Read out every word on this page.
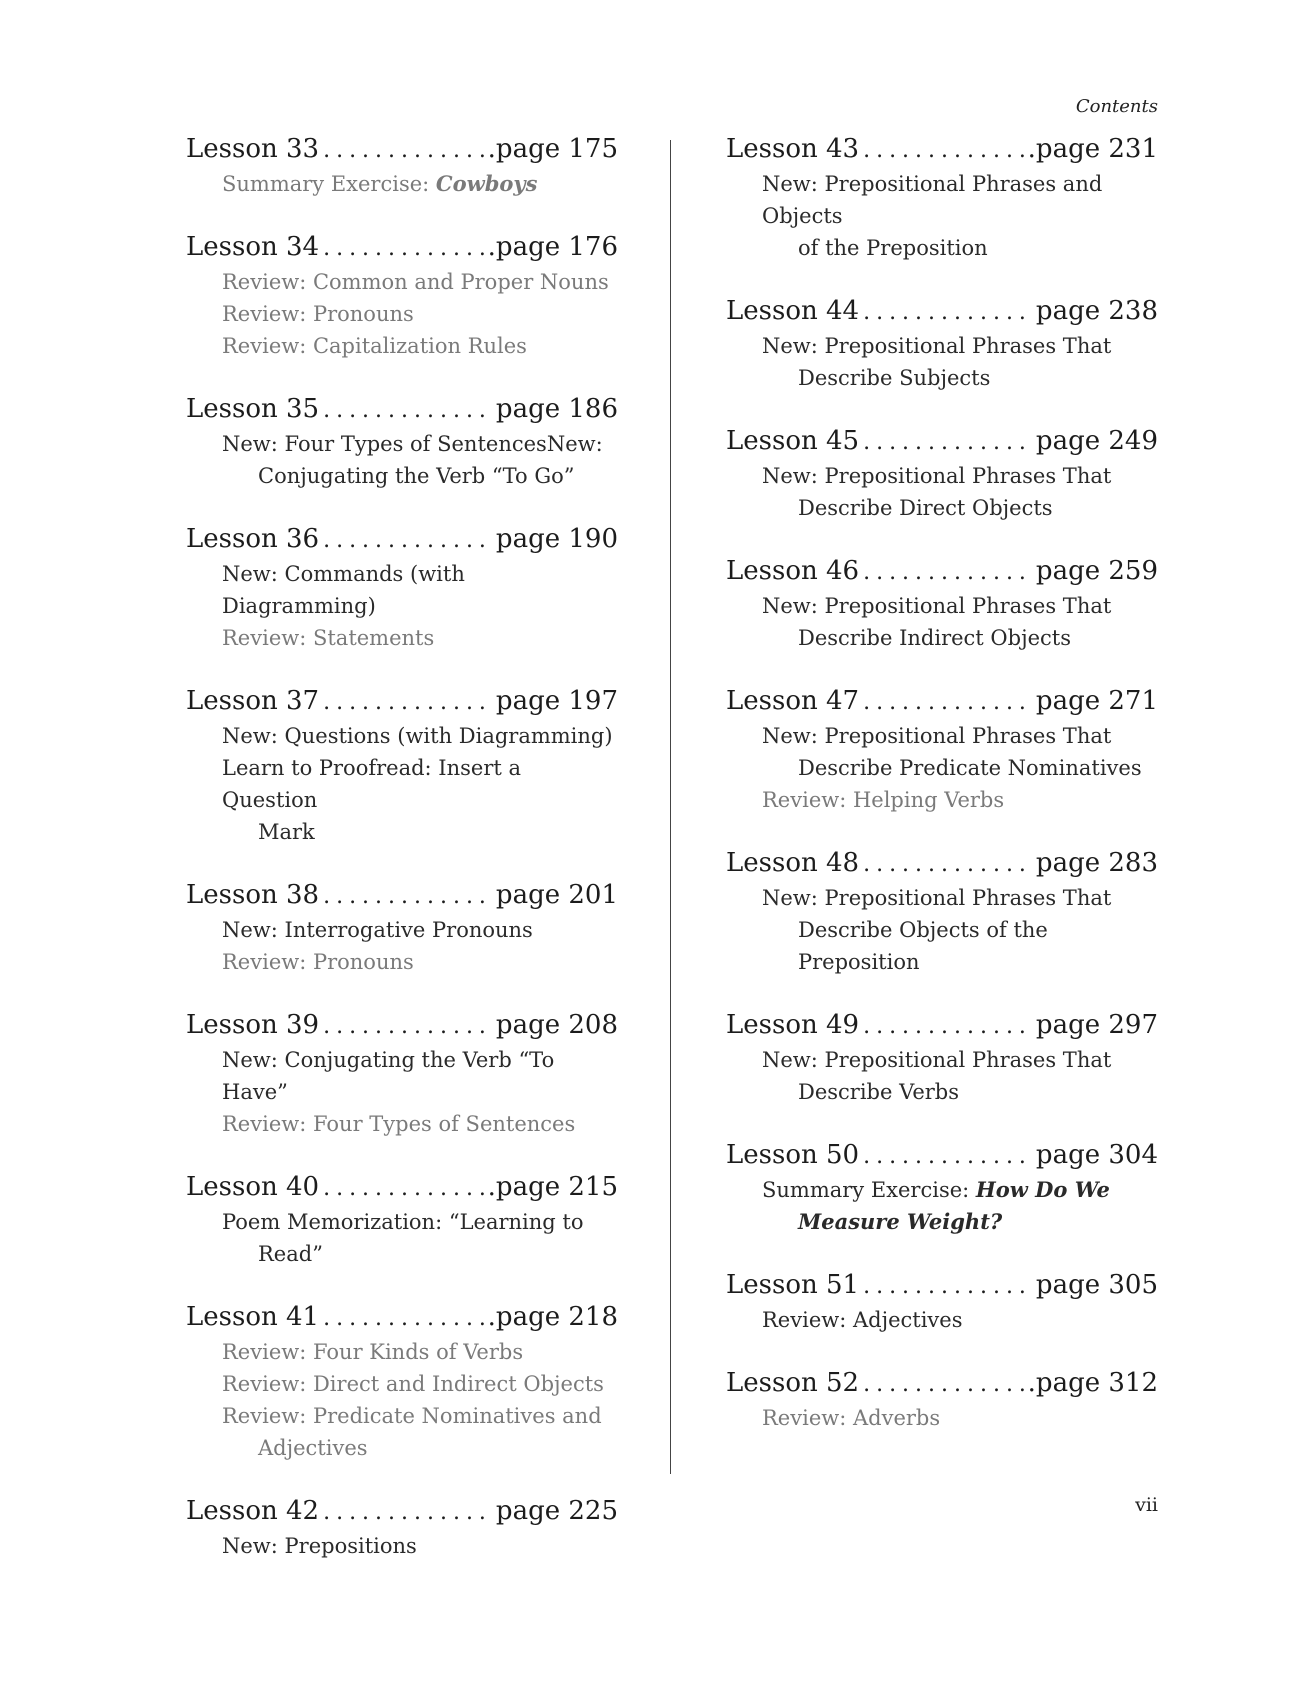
Contents
Lesson 33 . . .	.page 175
Summary Exercise: Cowboys
Lesson 34 . . .	.page 176
Review: Common and Proper Nouns
Review: Pronouns
Review: Capitalization Rules
Lesson 35 . . .	page 186
New: Four Types of SentencesNew:
Conjugating the Verb “To Go”
Lesson 36 . . .	page 190
New: Commands (with Diagramming)
Review: Statements
Lesson 37 . . .	page 197
New: Questions (with Diagramming)
Learn to Proofread: Insert a Question
Mark
Lesson 38 . . .	page 201
New: Interrogative Pronouns
Review: Pronouns
Lesson 39 . . .	page 208
New: Conjugating the Verb “To Have”
Review: Four Types of Sentences
Lesson 40 . . .	.page 215
Poem Memorization: “Learning to
Read”
Lesson 41 . . .	.page 218
Review: Four Kinds of Verbs
Review: Direct and Indirect Objects
Review: Predicate Nominatives and
Adjectives
Lesson 42 . . .	page 225
New: Prepositions
Lesson 43 . . .	.page 231
New: Prepositional Phrases and Objects
of the Preposition
Lesson 44 . . .	page 238
New: Prepositional Phrases That
Describe Subjects
Lesson 45 . . .	page 249
New: Prepositional Phrases That
Describe Direct Objects
Lesson 46 . . .	page 259
New: Prepositional Phrases That
Describe Indirect Objects
Lesson 47 . . .	page 271
New: Prepositional Phrases That
Describe Predicate Nominatives
Review: Helping Verbs
Lesson 48 . . .	page 283
New: Prepositional Phrases That
Describe Objects of the Preposition
Lesson 49 . . .	page 297
New: Prepositional Phrases That
Describe Verbs
Lesson 50 . . .	page 304
Summary Exercise: How Do We
Measure Weight?
Lesson 51 . . .	page 305
Review: Adjectives
Lesson 52 . . .	.page 312
Review: Adverbs
vii
